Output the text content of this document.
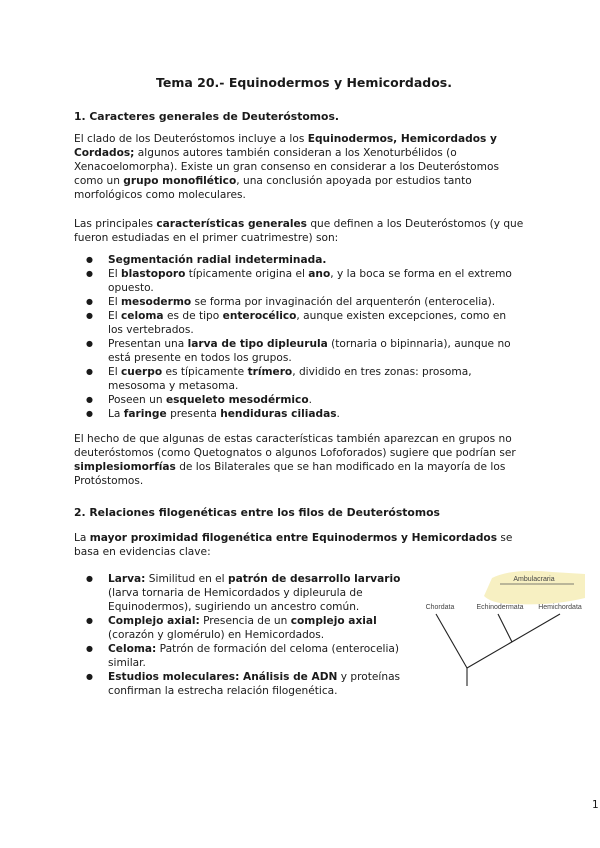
Tema 20.- Equinodermos y Hemicordados.
1. Caracteres generales de Deuteróstomos.

El clado de los Deuteróstomos incluye a los Equinodermos, Hemicordados y Cordados; algunos autores también consideran a los Xenoturbélidos (o Xenacoelomorpha). Existe un gran consenso en considerar a los Deuteróstomos como un grupo monofilético, una conclusión apoyada por estudios tanto morfológicos como moleculares.

Las principales características generales que definen a los Deuteróstomos (y que fueron estudiadas en el primer cuatrimestre) son:

● Segmentación radial indeterminada.
● El blastoporo típicamente origina el ano, y la boca se forma en el extremo opuesto.
● El mesodermo se forma por invaginación del arquenterón (enterocelia).
● El celoma es de tipo enterocélico, aunque existen excepciones, como en los vertebrados.
● Presentan una larva de tipo dipleurula (tornaria o bipinnaria), aunque no está presente en todos los grupos.
● El cuerpo es típicamente trímero, dividido en tres zonas: prosoma, mesosoma y metasoma.
● Poseen un esqueleto mesodérmico.
● La faringe presenta hendiduras ciliadas.

El hecho de que algunas de estas características también aparezcan en grupos no deuteróstomos (como Quetognatos o algunos Lofoforados) sugiere que podrían ser simplesiomorfías de los Bilaterales que se han modificado en la mayoría de los Protóstomos.

2. Relaciones filogenéticas entre los filos de Deuteróstomos

La mayor proximidad filogenética entre Equinodermos y Hemicordados se basa en evidencias clave:

● Larva: Similitud en el patrón de desarrollo larvario (larva tornaria de Hemicordados y dipleurula de Equinodermos), sugiriendo un ancestro común.
● Complejo axial: Presencia de un complejo axial (corazón y glomérulo) en Hemicordados.
● Celoma: Patrón de formación del celoma (enterocelia) similar.
● Estudios moleculares: Análisis de ADN y proteínas confirman la estrecha relación filogenética.
1
Ambulacraria
Chordata	Echinodermata Hemichordata
